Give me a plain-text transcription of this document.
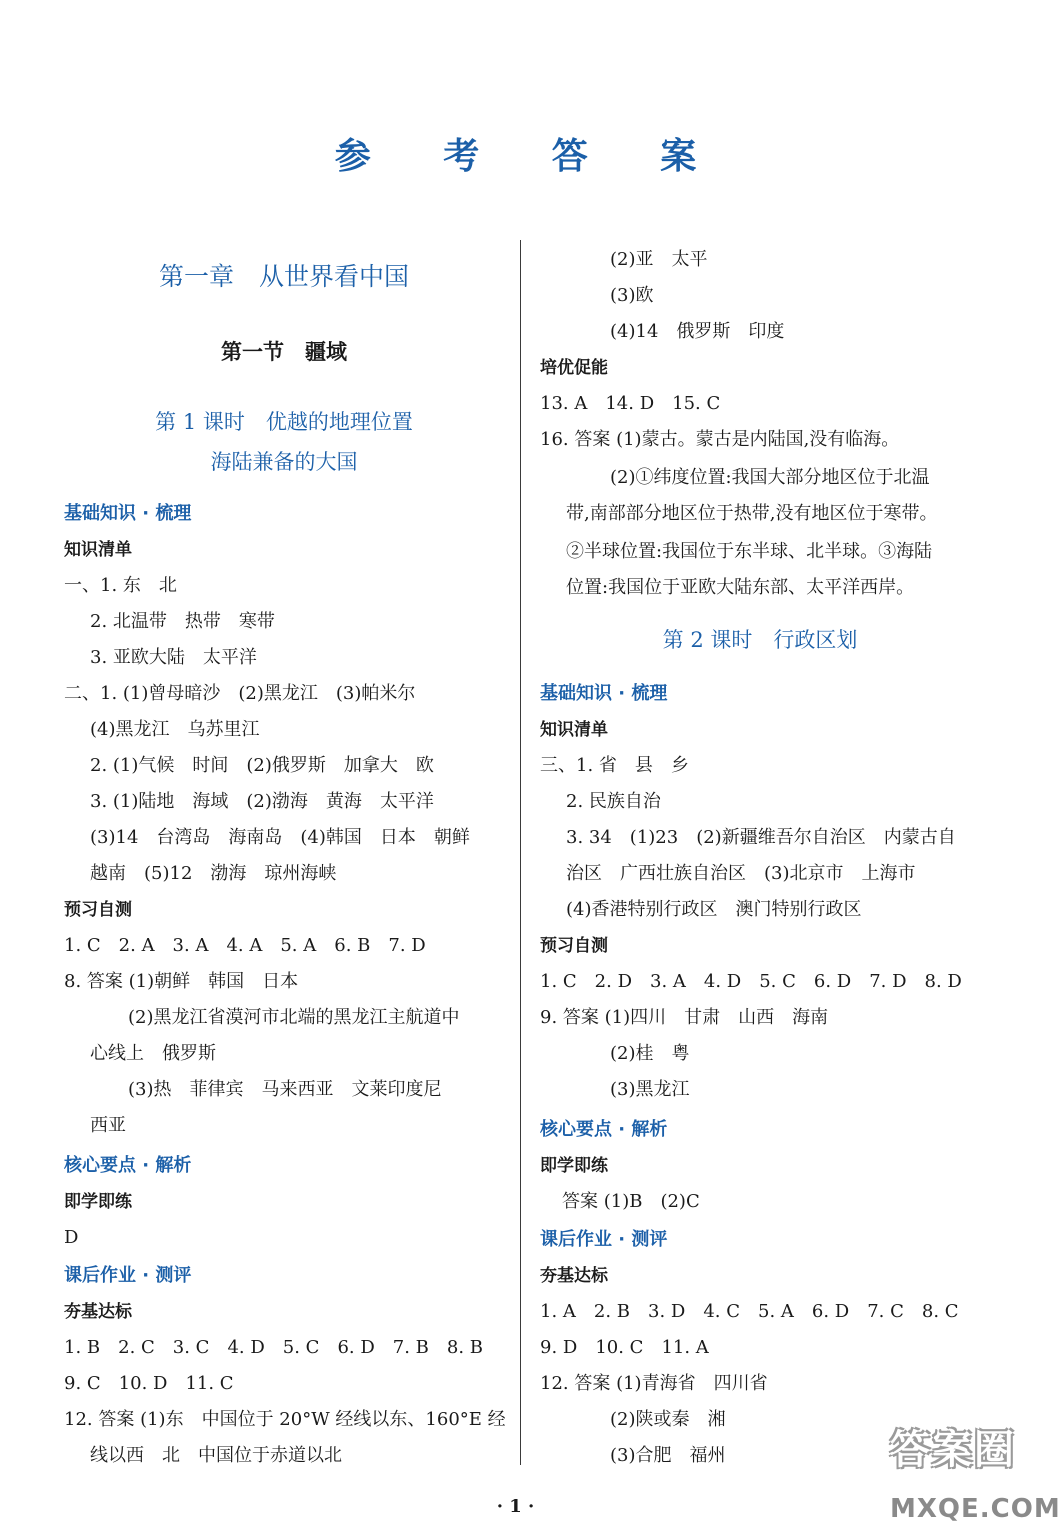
参 考 答 案
第一章　从世界看中国
第一节　疆域
第 1 课时　优越的地理位置
海陆兼备的大国
基础知识 · 梳理
知识清单
一、1. 东　北
2. 北温带　热带　寒带
3. 亚欧大陆　太平洋
二、1. (1)曾母暗沙　(2)黑龙江　(3)帕米尔
(4)黑龙江　乌苏里江
2. (1)气候　时间　(2)俄罗斯　加拿大　欧
3. (1)陆地　海域　(2)渤海　黄海　太平洋
(3)14　台湾岛　海南岛　(4)韩国　日本　朝鲜
越南　(5)12　渤海　琼州海峡
预习自测
1. C　2. A　3. A　4. A　5. A　6. B　7. D
8. 答案 (1)朝鲜　韩国　日本
(2)黑龙江省漠河市北端的黑龙江主航道中
心线上　俄罗斯
(3)热　菲律宾　马来西亚　文莱印度尼
西亚
核心要点 · 解析
即学即练
D
课后作业 · 测评
夯基达标
1. B　2. C　3. C　4. D　5. C　6. D　7. B　8. B
9. C　10. D　11. C
12. 答案 (1)东　中国位于 20°W 经线以东、160°E 经
线以西　北　中国位于赤道以北
(2)亚　太平
(3)欧
(4)14　俄罗斯　印度
培优促能
13. A　14. D　15. C
16. 答案 (1)蒙古。蒙古是内陆国,没有临海。
(2)①纬度位置:我国大部分地区位于北温
带,南部部分地区位于热带,没有地区位于寒带。
②半球位置:我国位于东半球、北半球。③海陆
位置:我国位于亚欧大陆东部、太平洋西岸。
第 2 课时　行政区划
基础知识 · 梳理
知识清单
三、1. 省　县　乡
2. 民族自治
3. 34　(1)23　(2)新疆维吾尔自治区　内蒙古自
治区　广西壮族自治区　(3)北京市　上海市
(4)香港特别行政区　澳门特别行政区
预习自测
1. C　2. D　3. A　4. D　5. C　6. D　7. D　8. D
9. 答案 (1)四川　甘肃　山西　海南
(2)桂　粤
(3)黑龙江
核心要点 · 解析
即学即练
答案 (1)B　(2)C
课后作业 · 测评
夯基达标
1. A　2. B　3. D　4. C　5. A　6. D　7. C　8. C
9. D　10. C　11. A
12. 答案 (1)青海省　四川省
(2)陕或秦　湘
(3)合肥　福州
· 1 ·
答案圈
MXQE.COM
